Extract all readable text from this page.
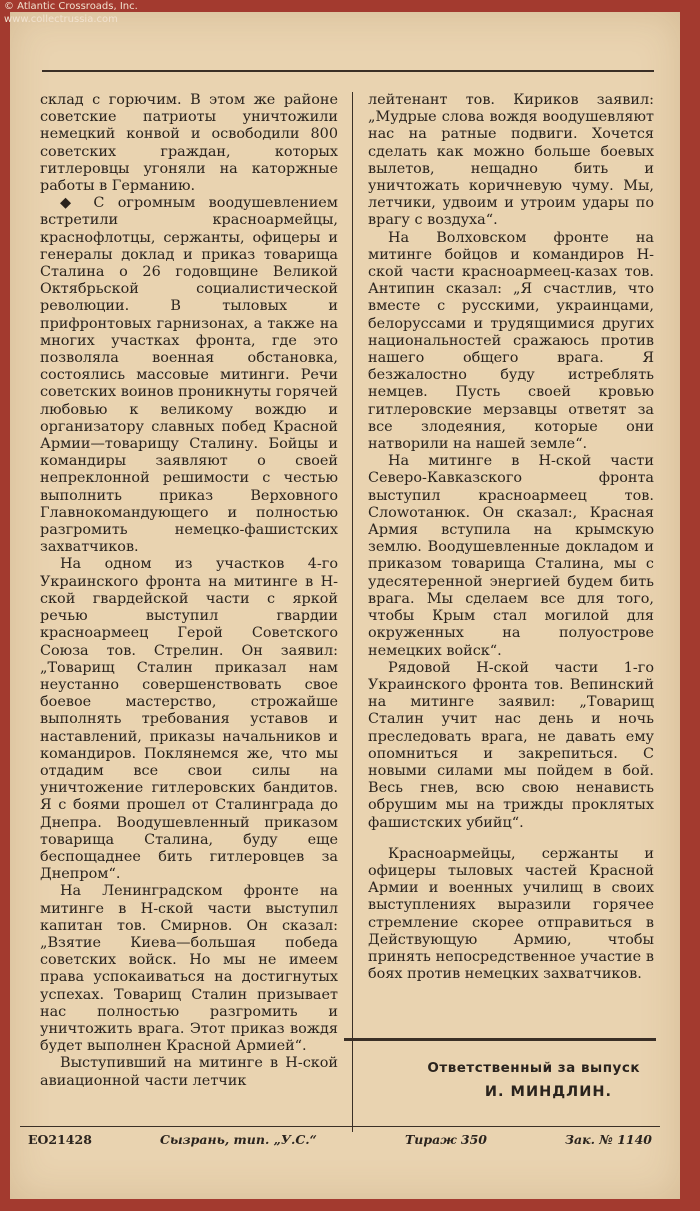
© Atlantic Crossroads, Inc.
www.collectrussia.com

склад с горючим. В этом же районе советские патриоты уничтожили немецкий конвой и освободили 800 советских граждан, которых гитлеровцы угоняли на каторжные работы в Германию.

◆ С огромным воодушевлением встретили красноармейцы, краснофлотцы, сержанты, офицеры и генералы доклад и приказ товарища Сталина о 26 годовщине Великой Октябрьской социалистической революции. В тыловых и прифронтовых гарнизонах, а также на многих участках фронта, где это позволяла военная обстановка, состоялись массовые митинги. Речи советских воинов проникнуты горячей любовью к великому вождю и организатору славных побед Красной Армии—товарищу Сталину. Бойцы и командиры заявляют о своей непреклонной решимости с честью выполнить приказ Верховного Главнокомандующего и полностью разгромить немецко-фашистских захватчиков.

На одном из участков 4-го Украинского фронта на митинге в Н-ской гвардейской части с яркой речью выступил гвардии красноармеец Герой Советского Союза тов. Стрелин. Он заявил: „Товарищ Сталин приказал нам неустанно совершенствовать свое боевое мастерство, строжайше выполнять требования уставов и наставлений, приказы начальников и командиров. Поклянемся же, что мы отдадим все свои силы на уничтожение гитлеровских бандитов. Я с боями прошел от Сталинграда до Днепра. Воодушевленный приказом товарища Сталина, буду еще беспощаднее бить гитлеровцев за Днепром“.

На Ленинградском фронте на митинге в Н-ской части выступил капитан тов. Смирнов. Он сказал: „Взятие Киева—большая победа советских войск. Но мы не имеем права успокаиваться на достигнутых успехах. Товарищ Сталин призывает нас полностью разгромить и уничтожить врага. Этот приказ вождя будет выполнен Красной Армией“.

Выступивший на митинге в Н-ской авиационной части летчик

лейтенант тов. Кириков заявил: „Мудрые слова вождя воодушевляют нас на ратные подвиги. Хочется сделать как можно больше боевых вылетов, нещадно бить и уничтожать коричневую чуму. Мы, летчики, удвоим и утроим удары по врагу с воздуха“.

На Волховском фронте на митинге бойцов и командиров Н-ской части красноармеец-казах тов. Антипин сказал: „Я счастлив, что вместе с русскими, украинцами, белоруссами и трудящимися других национальностей сражаюсь против нашего общего врага. Я безжалостно буду истреблять немцев. Пусть своей кровью гитлеровские мерзавцы ответят за все злодеяния, которые они натворили на нашей земле“.

На митинге в Н-ской части Северо-Кавказского фронта выступил красноармеец тов. Слowотанюк. Он сказал:, Красная Армия вступила на крымскую землю. Воодушевленные докладом и приказом товарища Сталина, мы с удесятеренной энергией будем бить врага. Мы сделаем все для того, чтобы Крым стал могилой для окруженных на полуострове немецких войск“.

Рядовой Н-ской части 1-го Украинского фронта тов. Вепинский на митинге заявил: „Товарищ Сталин учит нас день и ночь преследовать врага, не давать ему опомниться и закрепиться. С новыми силами мы пойдем в бой. Весь гнев, всю свою ненависть обрушим мы на трижды проклятых фашистских убийц“.

Красноармейцы, сержанты и офицеры тыловых частей Красной Армии и военных училищ в своих выступлениях выразили горячее стремление скорее отправиться в Действующую Армию, чтобы принять непосредственное участие в боях против немецких захватчиков.

Ответственный за выпуск
И. МИНДЛИН.
ЕО21428	Сызрань, тип. „У.С.“	Тираж 350	Зак. № 1140
